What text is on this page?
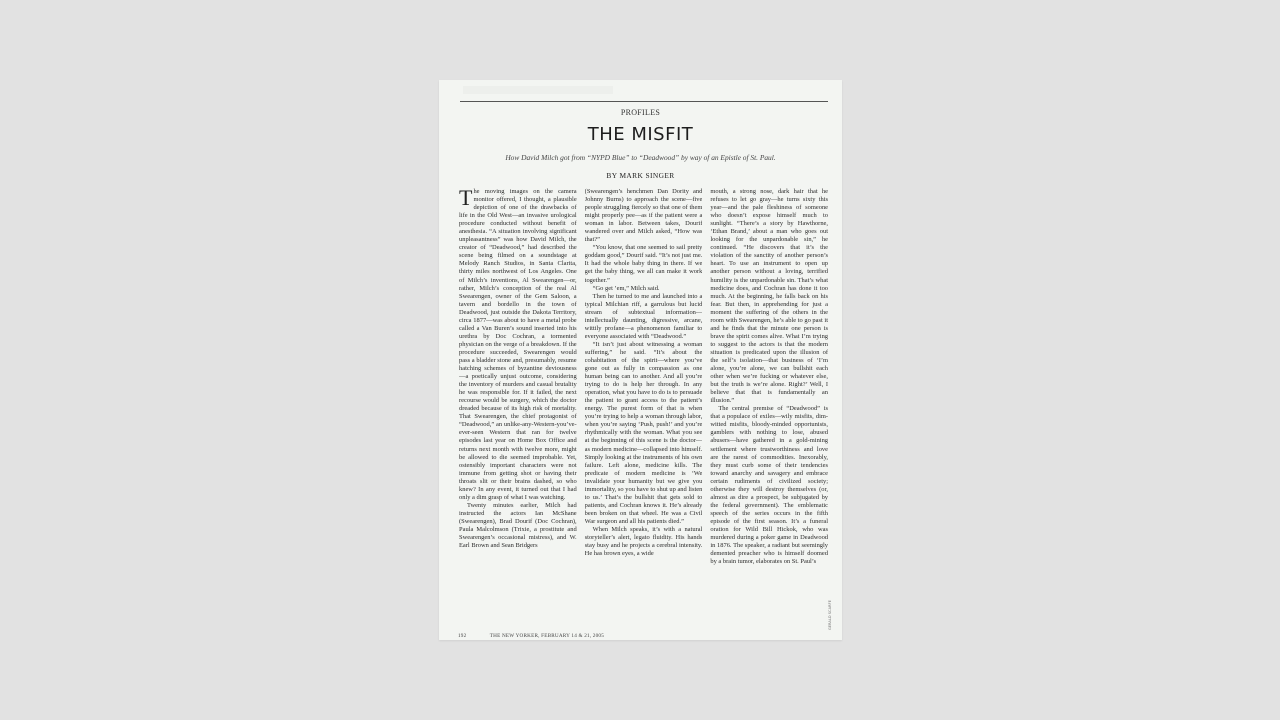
PROFILES
THE MISFIT
How David Milch got from “NYPD Blue” to “Deadwood” by way of an Epistle of St. Paul.
BY MARK SINGER

The moving images on the camera monitor offered, I thought, a plausible depiction of one of the drawbacks of life in the Old West—an invasive urological procedure conducted without benefit of anesthesia. “A situation involving significant unpleasantness” was how David Milch, the creator of “Deadwood,” had described the scene being filmed on a soundstage at Melody Ranch Studios, in Santa Clarita, thirty miles northwest of Los Angeles. One of Milch’s inventions, Al Swearengen—or, rather, Milch’s conception of the real Al Swearengen, owner of the Gem Saloon, a tavern and bordello in the town of Deadwood, just outside the Dakota Territory, circa 1877—was about to have a metal probe called a Van Buren’s sound inserted into his urethra by Doc Cochran, a tormented physician on the verge of a breakdown. If the procedure succeeded, Swearengen would pass a bladder stone and, presumably, resume hatching schemes of byzantine deviousness—a poetically unjust outcome, considering the inventory of murders and casual brutality he was responsible for. If it failed, the next recourse would be surgery, which the doctor dreaded because of its high risk of mortality. That Swearengen, the chief protagonist of “Deadwood,” an unlike-any-Western-you’ve-ever-seen Western that ran for twelve episodes last year on Home Box Office and returns next month with twelve more, might be allowed to die seemed improbable. Yet, ostensibly important characters were not immune from getting shot or having their throats slit or their brains dashed, so who knew? In any event, it turned out that I had only a dim grasp of what I was watching.

Twenty minutes earlier, Milch had instructed the actors Ian McShane (Swearengen), Brad Dourif (Doc Cochran), Paula Malcolmson (Trixie, a prostitute and Swearengen’s occasional mistress), and W. Earl Brown and Sean Bridgers

(Swearengen’s henchmen Dan Dority and Johnny Burns) to approach the scene—five people struggling fiercely so that one of them might properly pee—as if the patient were a woman in labor. Between takes, Dourif wandered over and Milch asked, “How was that?”

“You know, that one seemed to sail pretty goddam good,” Dourif said. “It’s not just me. It had the whole baby thing in there. If we get the baby thing, we all can make it work together.”

“Go get ’em,” Milch said.

Then he turned to me and launched into a typical Milchian riff, a garrulous but lucid stream of subtextual information—intellectually daunting, digressive, arcane, wittily profane—a phenomenon familiar to everyone associated with “Deadwood.”

“It isn’t just about witnessing a woman suffering,” he said. “It’s about the cohabitation of the spirit—where you’ve gone out as fully in compassion as one human being can to another. And all you’re trying to do is help her through. In any operation, what you have to do is to persuade the patient to grant access to the patient’s energy. The purest form of that is when you’re trying to help a woman through labor, when you’re saying ‘Push, push!’ and you’re rhythmically with the woman. What you see at the beginning of this scene is the doctor—as modern medicine—collapsed into himself. Simply looking at the instruments of his own failure. Left alone, medicine kills. The predicate of modern medicine is ‘We invalidate your humanity but we give you immortality, so you have to shut up and listen to us.’ That’s the bullshit that gets sold to patients, and Cochran knows it. He’s already been broken on that wheel. He was a Civil War surgeon and all his patients died.”

When Milch speaks, it’s with a natural storyteller’s alert, legato fluidity. His hands stay busy and he projects a cerebral intensity. He has brown eyes, a wide

mouth, a strong nose, dark hair that he refuses to let go gray—he turns sixty this year—and the pale fleshiness of someone who doesn’t expose himself much to sunlight. “There’s a story by Hawthorne, ‘Ethan Brand,’ about a man who goes out looking for the unpardonable sin,” he continued. “He discovers that it’s the violation of the sanctity of another person’s heart. To use an instrument to open up another person without a loving, terrified humility is the unpardonable sin. That’s what medicine does, and Cochran has done it too much. At the beginning, he falls back on his fear. But then, in apprehending for just a moment the suffering of the others in the room with Swearengen, he’s able to go past it and he finds that the minute one person is brave the spirit comes alive. What I’m trying to suggest to the actors is that the modern situation is predicated upon the illusion of the self’s isolation—that business of ‘I’m alone, you’re alone, we can bullshit each other when we’re fucking or whatever else, but the truth is we’re alone. Right?’ Well, I believe that that is fundamentally an illusion.”

The central premise of “Deadwood” is that a populace of exiles—wily misfits, dim-witted misfits, bloody-minded opportunists, gamblers with nothing to lose, abused abusers—have gathered in a gold-mining settlement where trustworthiness and love are the rarest of commodities. Inexorably, they must curb some of their tendencies toward anarchy and savagery and embrace certain rudiments of civilized society; otherwise they will destroy themselves (or, almost as dire a prospect, be subjugated by the federal government). The emblematic speech of the series occurs in the fifth episode of the first season. It’s a funeral oration for Wild Bill Hickok, who was murdered during a poker game in Deadwood in 1876. The speaker, a radiant but seemingly demented preacher who is himself doomed by a brain tumor, elaborates on St. Paul’s

GERALD SCARFE
192	THE NEW YORKER, FEBRUARY 14 & 21, 2005
